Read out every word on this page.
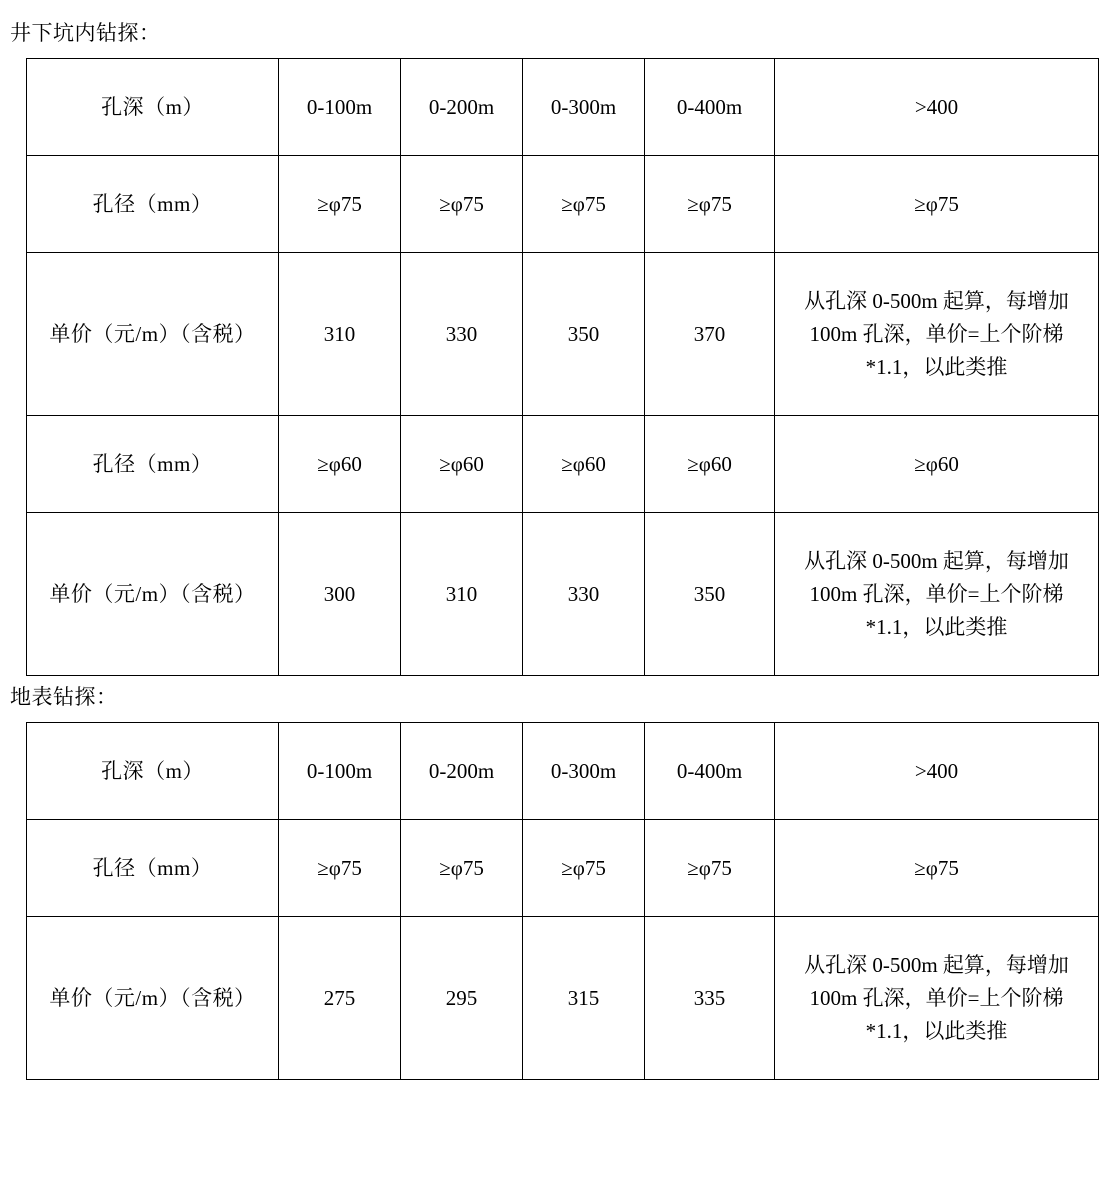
井下坑内钻探：
孔深（m）	0-100m	0-200m	0-300m	0-400m	>400
孔径（mm）	≥φ75	≥φ75	≥φ75	≥φ75	≥φ75
单价（元/m）（含税）	310	330	350	370	从孔深 0-500m 起算，每增加 100m 孔深，单价=上个阶梯*1.1，以此类推
孔径（mm）	≥φ60	≥φ60	≥φ60	≥φ60	≥φ60
单价（元/m）（含税）	300	310	330	350	从孔深 0-500m 起算，每增加 100m 孔深，单价=上个阶梯*1.1，以此类推
地表钻探：
孔深（m）	0-100m	0-200m	0-300m	0-400m	>400
孔径（mm）	≥φ75	≥φ75	≥φ75	≥φ75	≥φ75
单价（元/m）（含税）	275	295	315	335	从孔深 0-500m 起算，每增加 100m 孔深，单价=上个阶梯*1.1，以此类推
